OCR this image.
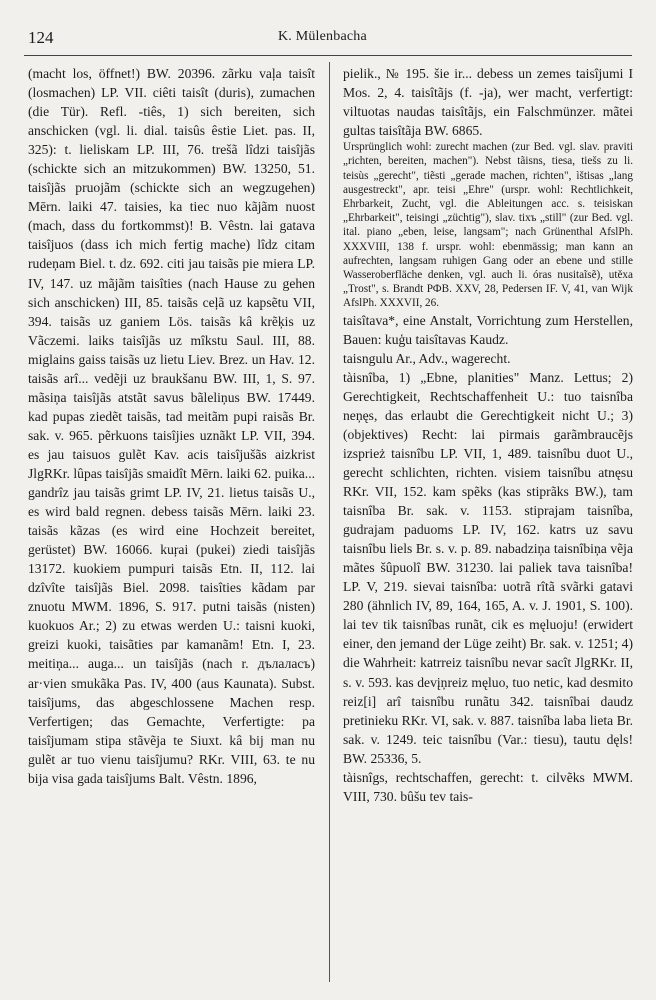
124	K. Mülenbacha

(macht los, öffnet!) BW. 20396. zãrku vaļa taisît (losmachen) LP. VII. ciêti taisît (duris), zumachen (die Tür). Refl. -tiês, 1) sich bereiten, sich anschicken (vgl. li. dial. taisûs êstie Liet. pas. II, 325): t. lieliskam LP. III, 76. trešã lîdzi taisîjãs (schickte sich an mitzukommen) BW. 13250, 51. taisîjãs pruojãm (schickte sich an wegzugehen) Mērn. laiki 47. taisies, ka tiec nuo kãjãm nuost (mach, dass du fortkommst)! B. Vêstn. lai gatava taisîjuos (dass ich mich fertig mache) lîdz citam rudeņam Biel. t. dz. 692. citi jau taisãs pie miera LP. IV, 147. uz mãjãm taisîties (nach Hause zu gehen sich anschicken) III, 85. taisãs ceļã uz kapsẽtu VII, 394. taisãs uz ganiem Lös. taisãs kâ krẽķis uz Vãczemi. laiks taisîjãs uz mîkstu Saul. III, 88. miglains gaiss taisãs uz lietu Liev. Brez. un Hav. 12. taisãs arî... vedẽji uz braukšanu BW. III, 1, S. 97. mãsiņa taisîjãs atstãt savus bãleliņus BW. 17449. kad pupas ziedẽt taisãs, tad meitãm pupi raisãs Br. sak. v. 965. pẽrkuons taisîjies uznãkt LP. VII, 394. es jau taisuos gulẽt Kav. acis taisîjušãs aizkrist JlgRKr. lûpas taisîjãs smaidît Mērn. laiki 62. puika... gandrîz jau taisãs grimt LP. IV, 21. lietus taisãs U., es wird bald regnen. debess taisãs Mērn. laiki 23. taisãs kãzas (es wird eine Hochzeit bereitet, gerüstet) BW. 16066. kuŗai (pukei) ziedi taisîjãs 13172. kuokiem pumpuri taisãs Etn. II, 112. lai dzîvîte taisîjãs Biel. 2098. taisîties kãdam par znuotu MWM. 1896, S. 917. putni taisãs (nisten) kuokuos Ar.; 2) zu etwas werden U.: taisni kuoki, greizi kuoki, taisãties par kamanãm! Etn. I, 23. meitiņa... auga... un taisîjãs (nach r. дълаласъ) ar·vien smukãka Pas. IV, 400 (aus Kaunata). Subst. taisîjums, das abgeschlossene Machen resp. Verfertigen; das Gemachte, Verfertigte: pa taisîjumam stipa stãvẽja te Siuxt. kâ bij man nu gulẽt ar tuo vienu taisîjumu? RKr. VIII, 63. te nu bija visa gada taisîjums Balt. Vêstn. 1896,

pielik., № 195. šie ir... debess un zemes taisîjumi I Mos. 2, 4. taisîtãjs (f. -ja), wer macht, verfertigt: viltuotas naudas taisîtãjs, ein Falschmünzer. mãtei gultas taisîtãja BW. 6865.

Ursprünglich wohl: zurecht machen (zur Bed. vgl. slav. praviti „richten, bereiten, machen"). Nebst tãisns, tiesa, tiešs zu li. teisùs „gerecht", tiẽsti „gerade machen, richten", ìštisas „lang ausgestreckt", apr. teisi „Ehre" (urspr. wohl: Rechtlichkeit, Ehrbarkeit, Zucht, vgl. die Ableitungen acc. s. teisiskan „Ehrbarkeit", teisingi „züchtig"), slav. tixъ „still" (zur Bed. vgl. ital. piano „eben, leise, langsam"; nach Grünenthal AfslPh. XXXVIII, 138 f. urspr. wohl: ebenmässig; man kann an aufrechten, langsam ruhigen Gang oder an ebene und stille Wasseroberfläche denken, vgl. auch li. óras nusitaĩsẽ), utěxa „Trost", s. Brandt РФВ. XXV, 28, Pedersen IF. V, 41, van Wijk AfslPh. XXXVII, 26.

taisîtava*, eine Anstalt, Vorrichtung zum Herstellen, Bauen: kuģu taisîtavas Kaudz.

taisngulu Ar., Adv., wagerecht.

tàisnîba, 1) „Ebne, planities" Manz. Lettus; 2) Gerechtigkeit, Rechtschaffenheit U.: tuo taisnîba neņęs, das erlaubt die Gerechtigkeit nicht U.; 3) (objektives) Recht: lai pirmais garãmbraucẽjs izsprież taisnîbu LP. VII, 1, 489. taisnîbu duot U., gerecht schlichten, richten. visiem taisnîbu atnęsu RKr. VII, 152. kam spẽks (kas stiprãks BW.), tam taisnîba Br. sak. v. 1153. stiprajam taisnîba, gudrajam paduoms LP. IV, 162. katrs uz savu taisnîbu liels Br. s. v. p. 89. nabadziņa taisnîbiņa vẽja mãtes šûpuolî BW. 31230. lai paliek tava taisnîba! LP. V, 219. sievai taisnîba: uotrã rîtã svãrki gatavi 280 (ähnlich IV, 89, 164, 165, A. v. J. 1901, S. 100). lai tev tik taisnîbas runãt, cik es męluoju! (erwidert einer, den jemand der Lüge zeiht) Br. sak. v. 1251; 4) die Wahrheit: katrreiz taisnîbu nevar sacît JlgRKr. II, s. v. 593. kas devįņreiz męluo, tuo netic, kad desmito reiz[i] arî taisnîbu runãtu 342. taisnîbai daudz pretinieku RKr. VI, sak. v. 887. taisnîba laba lieta Br. sak. v. 1249. teic taisnîbu (Var.: tiesu), tautu dęls! BW. 25336, 5.

tàisnîgs, rechtschaffen, gerecht: t. cilvẽks MWM. VIII, 730. bûšu tev tais-
